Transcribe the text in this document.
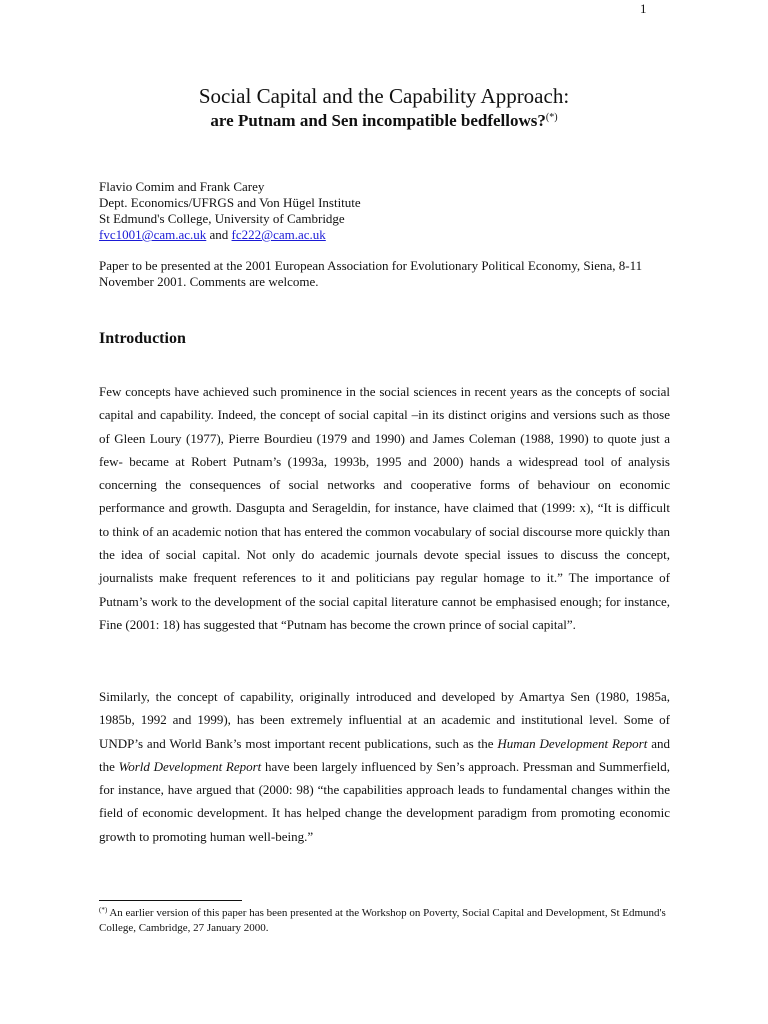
1
Social Capital and the Capability Approach:
are Putnam and Sen incompatible bedfellows?(*)
Flavio Comim and Frank Carey
Dept. Economics/UFRGS and Von Hügel Institute
St Edmund's College, University of Cambridge
fvc1001@cam.ac.uk and fc222@cam.ac.uk
Paper to be presented at the 2001 European Association for Evolutionary Political Economy, Siena, 8-11 November 2001. Comments are welcome.
Introduction

Few concepts have achieved such prominence in the social sciences in recent years as the concepts of social capital and capability. Indeed, the concept of social capital –in its distinct origins and versions such as those of Gleen Loury (1977), Pierre Bourdieu (1979 and 1990) and James Coleman (1988, 1990) to quote just a few- became at Robert Putnam’s (1993a, 1993b, 1995 and 2000) hands a widespread tool of analysis concerning the consequences of social networks and cooperative forms of behaviour on economic performance and growth. Dasgupta and Serageldin, for instance, have claimed that (1999: x), “It is difficult to think of an academic notion that has entered the common vocabulary of social discourse more quickly than the idea of social capital. Not only do academic journals devote special issues to discuss the concept, journalists make frequent references to it and politicians pay regular homage to it.” The importance of Putnam’s work to the development of the social capital literature cannot be emphasised enough; for instance, Fine (2001: 18) has suggested that “Putnam has become the crown prince of social capital”.

Similarly, the concept of capability, originally introduced and developed by Amartya Sen (1980, 1985a, 1985b, 1992 and 1999), has been extremely influential at an academic and institutional level. Some of UNDP’s and World Bank’s most important recent publications, such as the Human Development Report and the World Development Report have been largely influenced by Sen’s approach. Pressman and Summerfield, for instance, have argued that (2000: 98) “the capabilities approach leads to fundamental changes within the field of economic development. It has helped change the development paradigm from promoting economic growth to promoting human well-being.”

(*) An earlier version of this paper has been presented at the Workshop on Poverty, Social Capital and Development, St Edmund's College, Cambridge, 27 January 2000.
